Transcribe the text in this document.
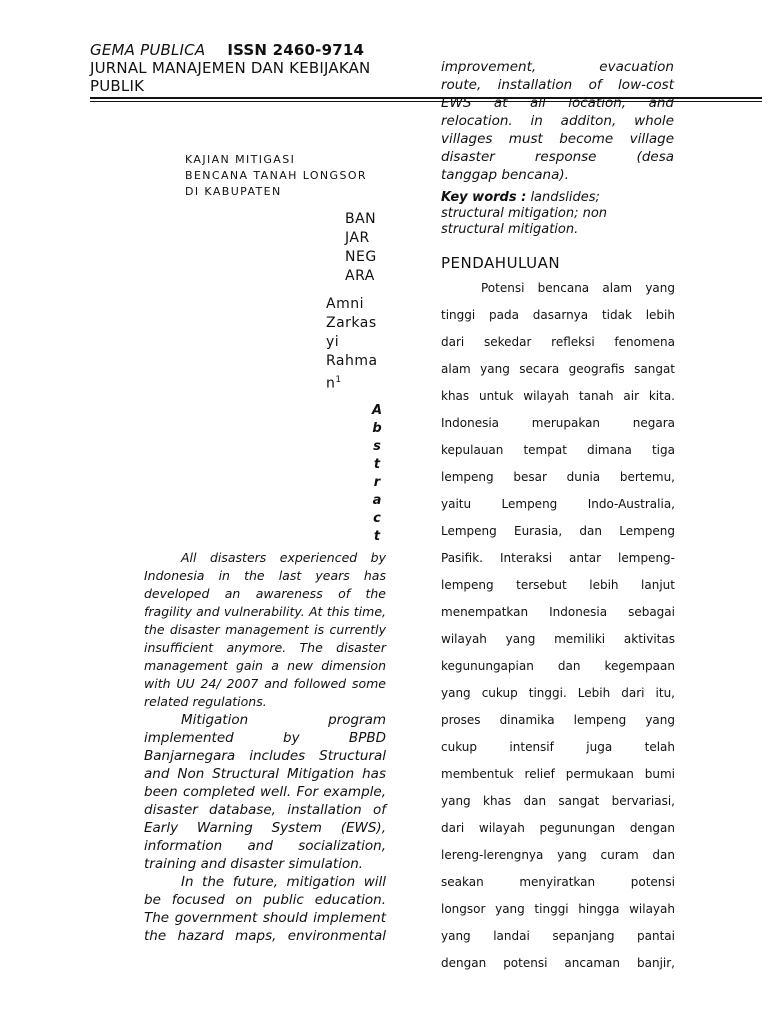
GEMA PUBLICA ISSN 2460-9714
JURNAL MANAJEMEN DAN KEBIJAKAN
PUBLIK

improvement, evacuation

route, installation of low-cost

EWS at all location, and

relocation. in additon, whole

villages must become village

disaster response (desa

tanggap bencana).

Key words : landslides;
structural mitigation; non
structural mitigation.
PENDAHULUAN
Potensi bencana alam yang
tinggi pada dasarnya tidak lebih
dari sekedar refleksi fenomena
alam yang secara geografis sangat
khas untuk wilayah tanah air kita.
Indonesia merupakan negara
kepulauan tempat dimana tiga
lempeng besar dunia bertemu,
yaitu Lempeng Indo-Australia,
Lempeng Eurasia, dan Lempeng
Pasifik. Interaksi antar lempeng-
lempeng tersebut lebih lanjut
menempatkan Indonesia sebagai
wilayah yang memiliki aktivitas
kegunungapian dan kegempaan
yang cukup tinggi. Lebih dari itu,
proses dinamika lempeng yang
cukup intensif juga telah
membentuk relief permukaan bumi
yang khas dan sangat bervariasi,
dari wilayah pegunungan dengan
lereng-lerengnya yang curam dan
seakan menyiratkan potensi
longsor yang tinggi hingga wilayah
yang landai sepanjang pantai
dengan potensi ancaman banjir,
KAJIAN MITIGASI
BENCANA TANAH LONGSOR
DI KABUPATEN
BAN
JAR
NEG
ARA
Amni
Zarkas
yi
Rahma
$n^1$
A
b
s
t
r
a
c
t

All disasters experienced by Indonesia in the last years has developed an awareness of the fragility and vulnerability. At this time, the disaster management is currently insufficient anymore. The disaster management gain a new dimension with UU 24/ 2007 and followed some related regulations.

Mitigation program implemented by BPBD Banjarnegara includes Structural and Non Structural Mitigation has been completed well. For example, disaster database, installation of Early Warning System (EWS), information and socialization, training and disaster simulation.

In the future, mitigation will be focused on public education. The government should implement the hazard maps, environmental
